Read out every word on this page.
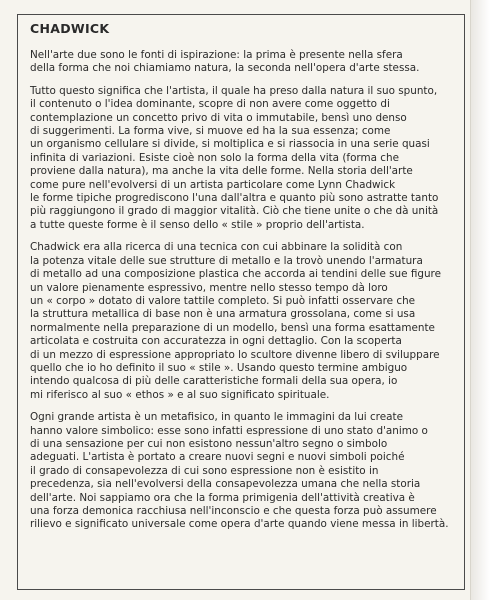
CHADWICK
Nell'arte due sono le fonti di ispirazione: la prima è presente nella sfera
della forma che noi chiamiamo natura, la seconda nell'opera d'arte stessa.
Tutto questo significa che l'artista, il quale ha preso dalla natura il suo spunto,
il contenuto o l'idea dominante, scopre di non avere come oggetto di
contemplazione un concetto privo di vita o immutabile, bensì uno denso
di suggerimenti. La forma vive, si muove ed ha la sua essenza; come
un organismo cellulare si divide, si moltiplica e si riassocia in una serie quasi
infinita di variazioni. Esiste cioè non solo la forma della vita (forma che
proviene dalla natura), ma anche la vita delle forme. Nella storia dell'arte
come pure nell'evolversi di un artista particolare come Lynn Chadwick
le forme tipiche progrediscono l'una dall'altra e quanto più sono astratte tanto
più raggiungono il grado di maggior vitalità. Ciò che tiene unite o che dà unità
a tutte queste forme è il senso dello « stile » proprio dell'artista.
Chadwick era alla ricerca di una tecnica con cui abbinare la solidità con
la potenza vitale delle sue strutture di metallo e la trovò unendo l'armatura
di metallo ad una composizione plastica che accorda ai tendini delle sue figure
un valore pienamente espressivo, mentre nello stesso tempo dà loro
un « corpo » dotato di valore tattile completo. Si può infatti osservare che
la struttura metallica di base non è una armatura grossolana, come si usa
normalmente nella preparazione di un modello, bensì una forma esattamente
articolata e costruita con accuratezza in ogni dettaglio. Con la scoperta
di un mezzo di espressione appropriato lo scultore divenne libero di sviluppare
quello che io ho definito il suo « stile ». Usando questo termine ambiguo
intendo qualcosa di più delle caratteristiche formali della sua opera, io
mi riferisco al suo « ethos » e al suo significato spirituale.
Ogni grande artista è un metafisico, in quanto le immagini da lui create
hanno valore simbolico: esse sono infatti espressione di uno stato d'animo o
di una sensazione per cui non esistono nessun'altro segno o simbolo
adeguati. L'artista è portato a creare nuovi segni e nuovi simboli poiché
il grado di consapevolezza di cui sono espressione non è esistito in
precedenza, sia nell'evolversi della consapevolezza umana che nella storia
dell'arte. Noi sappiamo ora che la forma primigenia dell'attività creativa è
una forza demonica racchiusa nell'inconscio e che questa forza può assumere
rilievo e significato universale come opera d'arte quando viene messa in libertà.
